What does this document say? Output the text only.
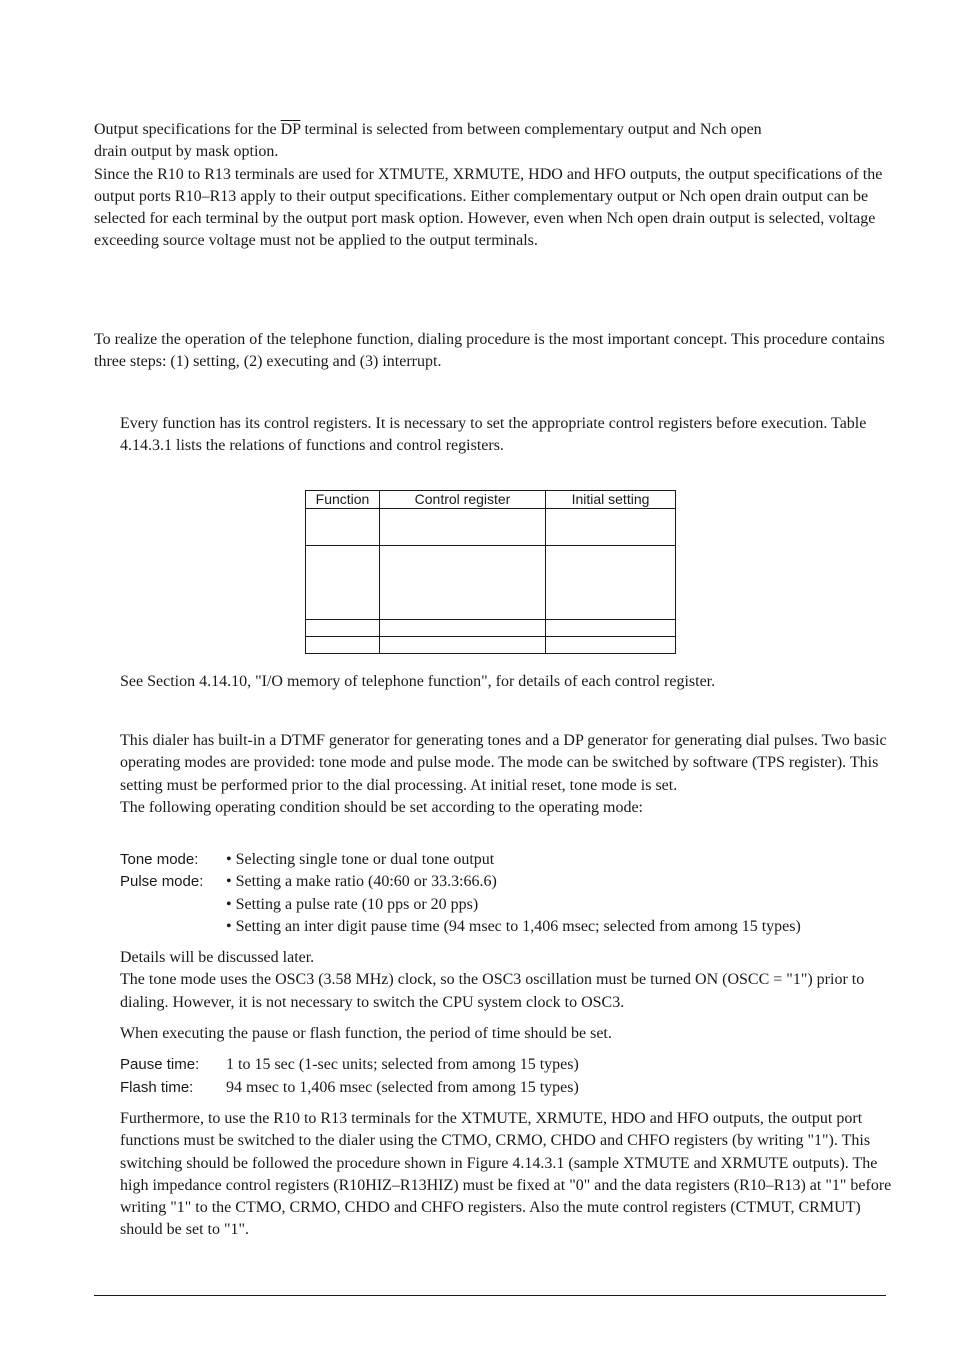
Output specifications for the $\overline{DP}$ terminal is selected from between complementary output and Nch open

drain output by mask option.

Since the R10 to R13 terminals are used for XTMUTE, XRMUTE, HDO and HFO outputs, the output specifications of the output ports R10–R13 apply to their output specifications. Either complementary output or Nch open drain output can be selected for each terminal by the output port mask option. However, even when Nch open drain output is selected, voltage exceeding source voltage must not be applied to the output terminals.

To realize the operation of the telephone function, dialing procedure is the most important concept. This procedure contains three steps: (1) setting, (2) executing and (3) interrupt.

Every function has its control registers. It is necessary to set the appropriate control registers before execution. Table 4.14.3.1 lists the relations of functions and control registers.

Function	Control register	Initial setting

See Section 4.14.10, "I/O memory of telephone function", for details of each control register.

This dialer has built-in a DTMF generator for generating tones and a DP generator for generating dial pulses. Two basic operating modes are provided: tone mode and pulse mode. The mode can be switched by software (TPS register). This setting must be performed prior to the dial processing. At initial reset, tone mode is set.

The following operating condition should be set according to the operating mode:

Tone mode: • Selecting single tone or dual tone output
Pulse mode: • Setting a make ratio (40:60 or 33.3:66.6)
• Setting a pulse rate (10 pps or 20 pps)
• Setting an inter digit pause time (94 msec to 1,406 msec; selected from among 15 types)

Details will be discussed later.

The tone mode uses the OSC3 (3.58 MHz) clock, so the OSC3 oscillation must be turned ON (OSCC = "1") prior to dialing. However, it is not necessary to switch the CPU system clock to OSC3.

When executing the pause or flash function, the period of time should be set.

Pause time: 1 to 15 sec (1-sec units; selected from among 15 types)
Flash time: 94 msec to 1,406 msec (selected from among 15 types)

Furthermore, to use the R10 to R13 terminals for the XTMUTE, XRMUTE, HDO and HFO outputs, the output port functions must be switched to the dialer using the CTMO, CRMO, CHDO and CHFO registers (by writing "1"). This switching should be followed the procedure shown in Figure 4.14.3.1 (sample XTMUTE and XRMUTE outputs). The high impedance control registers (R10HIZ–R13HIZ) must be fixed at "0" and the data registers (R10–R13) at "1" before writing "1" to the CTMO, CRMO, CHDO and CHFO registers. Also the mute control registers (CTMUT, CRMUT) should be set to "1".
